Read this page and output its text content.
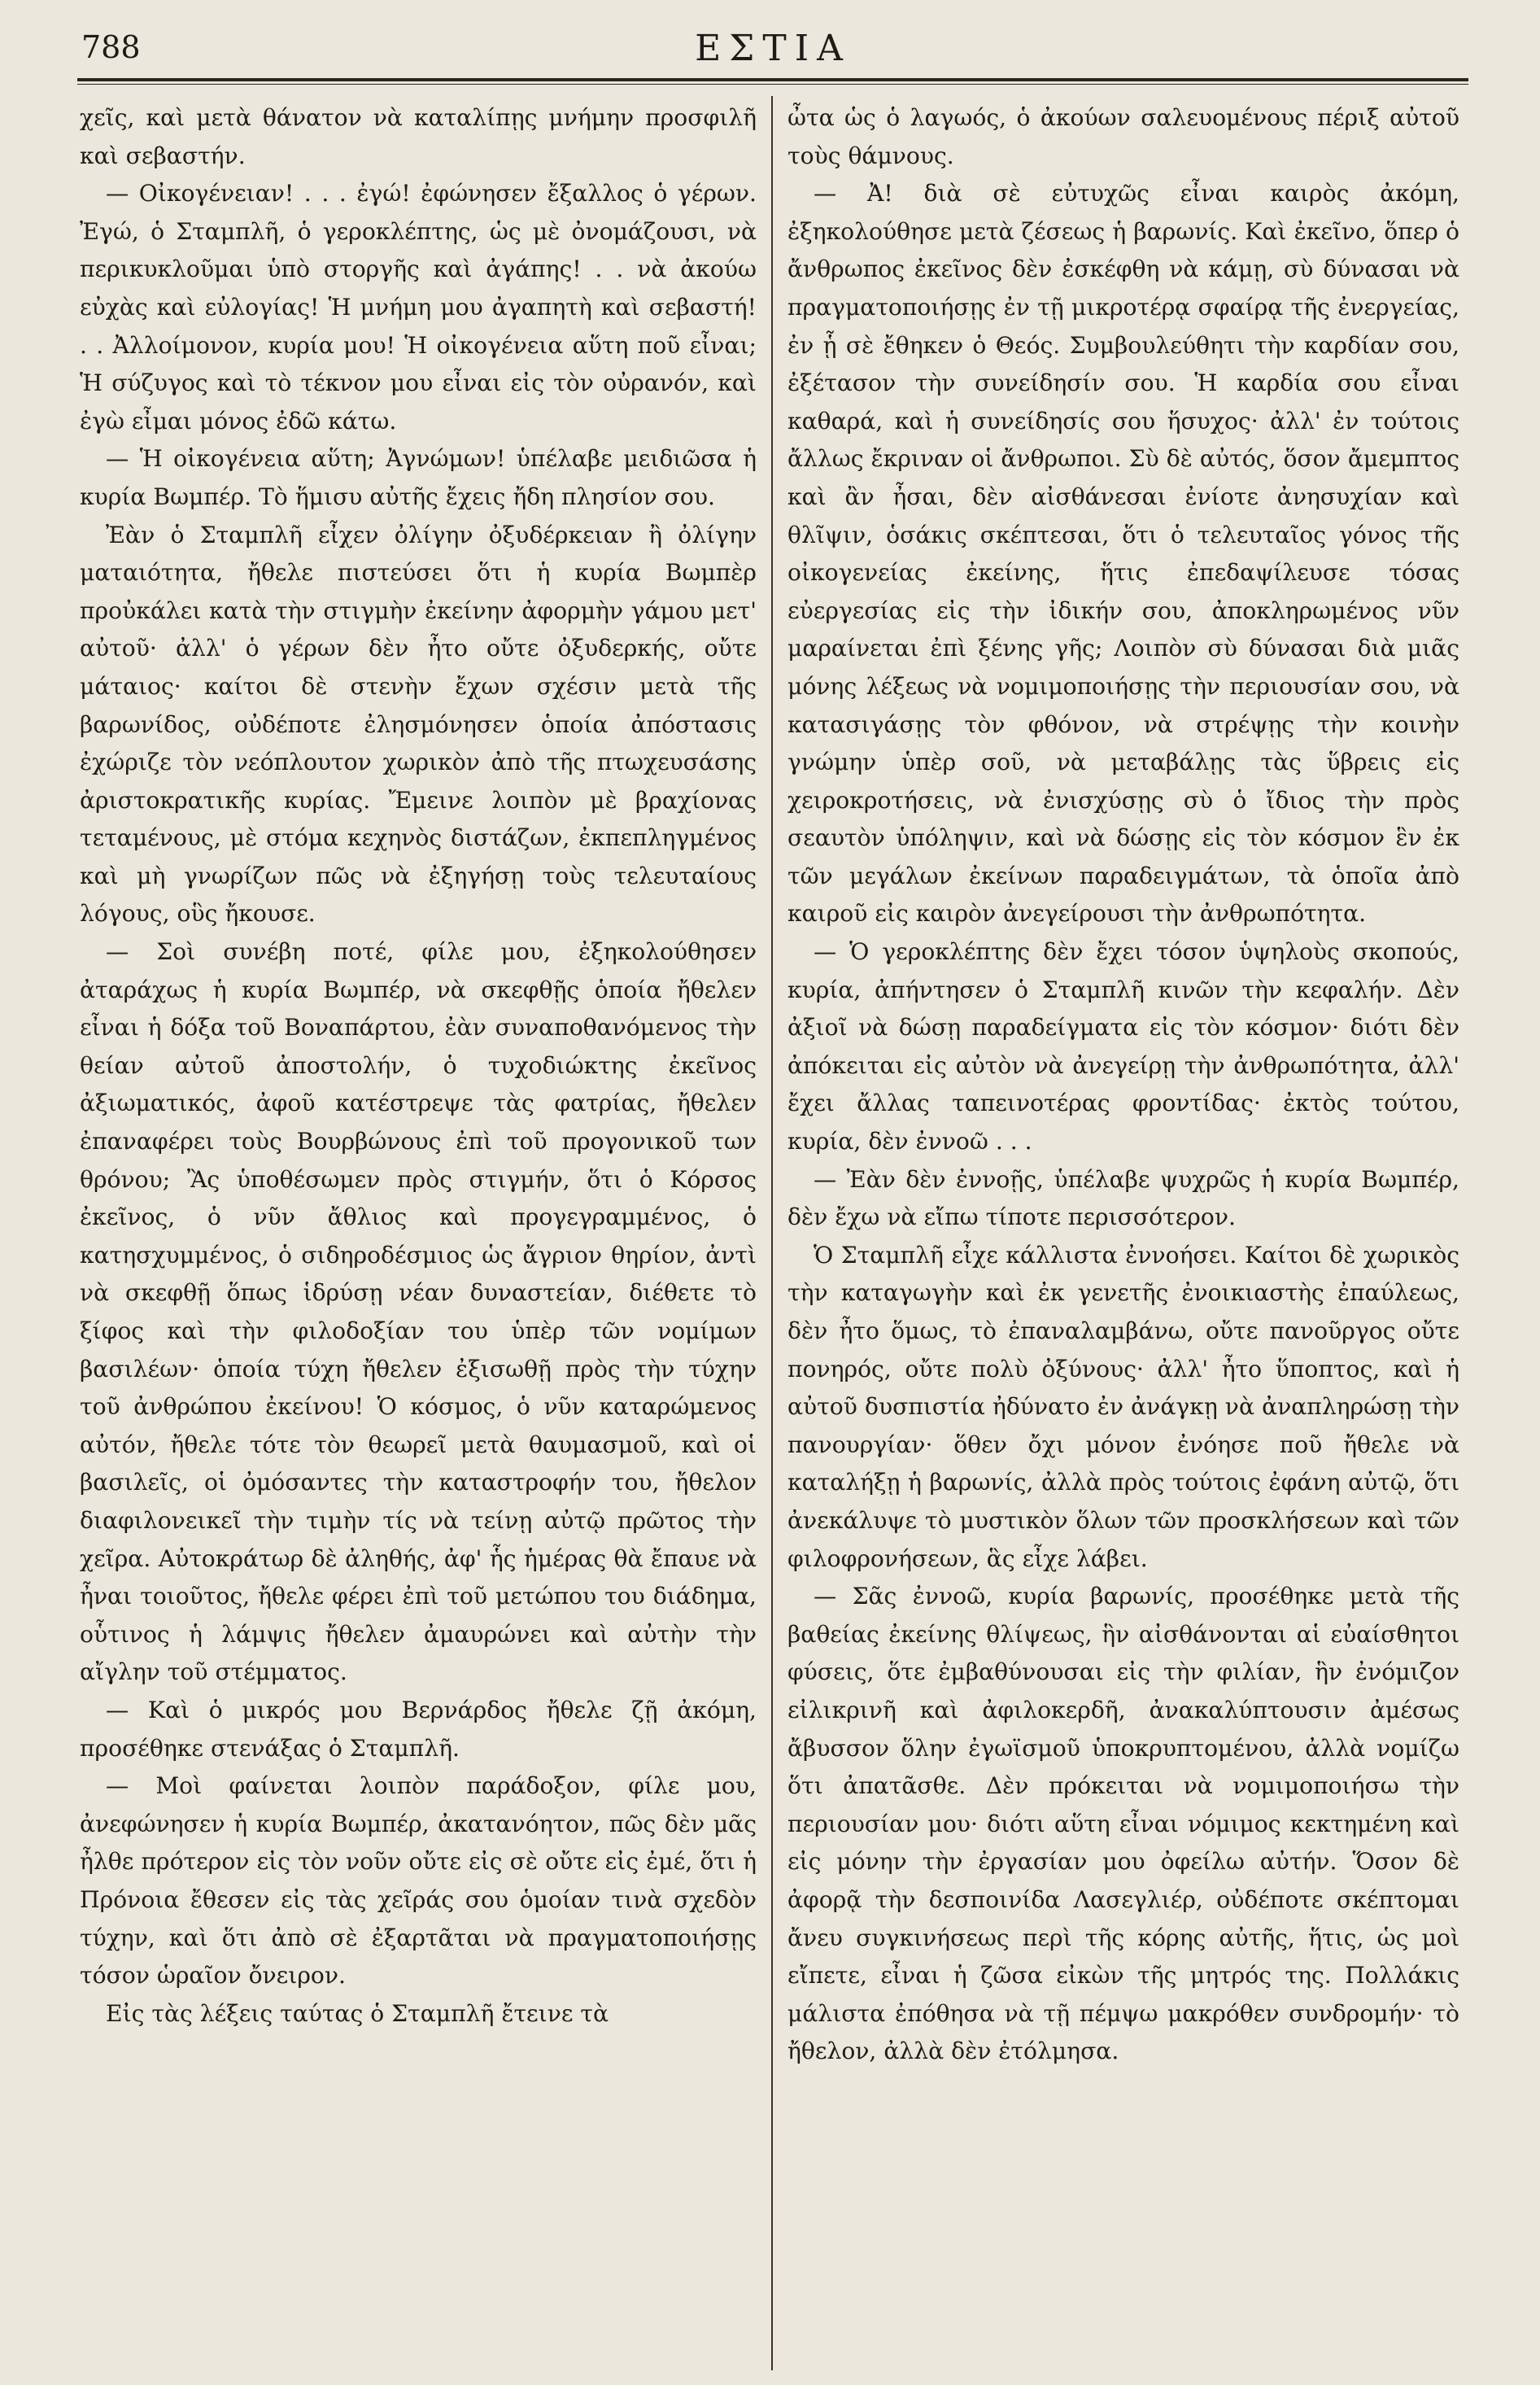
788	ΕΣΤΙΑ

χεῖς, καὶ μετὰ θάνατον νὰ καταλίπῃς μνήμην προσφιλῆ καὶ σεβαστήν.

— Οἰκογένειαν! . . . ἐγώ! ἐφώνησεν ἔξαλλος ὁ γέρων. Ἐγώ, ὁ Σταμπλῆ, ὁ γεροκλέπτης, ὡς μὲ ὀνομάζουσι, νὰ περικυκλοῦμαι ὑπὸ στοργῆς καὶ ἀγάπης! . . νὰ ἀκούω εὐχὰς καὶ εὐλογίας! Ἡ μνήμη μου ἀγαπητὴ καὶ σεβαστή! . . Ἀλλοίμονον, κυρία μου! Ἡ οἰκογένεια αὕτη ποῦ εἶναι; Ἡ σύζυγος καὶ τὸ τέκνον μου εἶναι εἰς τὸν οὐρανόν, καὶ ἐγὼ εἶμαι μόνος ἐδῶ κάτω.

— Ἡ οἰκογένεια αὕτη; Ἀγνώμων! ὑπέλαβε μειδιῶσα ἡ κυρία Βωμπέρ. Τὸ ἥμισυ αὐτῆς ἔχεις ἤδη πλησίον σου.

Ἐὰν ὁ Σταμπλῆ εἶχεν ὀλίγην ὀξυδέρκειαν ἢ ὀλίγην ματαιότητα, ἤθελε πιστεύσει ὅτι ἡ κυρία Βωμπὲρ προὐκάλει κατὰ τὴν στιγμὴν ἐκείνην ἀφορμὴν γάμου μετ' αὐτοῦ· ἀλλ' ὁ γέρων δὲν ἦτο οὔτε ὀξυδερκής, οὔτε μάταιος· καίτοι δὲ στενὴν ἔχων σχέσιν μετὰ τῆς βαρωνίδος, οὐδέποτε ἐλησμόνησεν ὁποία ἀπόστασις ἐχώριζε τὸν νεόπλουτον χωρικὸν ἀπὸ τῆς πτωχευσάσης ἀριστοκρατικῆς κυρίας. Ἔμεινε λοιπὸν μὲ βραχίονας τεταμένους, μὲ στόμα κεχηνὸς διστάζων, ἐκπεπληγμένος καὶ μὴ γνωρίζων πῶς νὰ ἐξηγήσῃ τοὺς τελευταίους λόγους, οὓς ἤκουσε.

— Σοὶ συνέβη ποτέ, φίλε μου, ἐξηκολούθησεν ἀταράχως ἡ κυρία Βωμπέρ, νὰ σκεφθῇς ὁποία ἤθελεν εἶναι ἡ δόξα τοῦ Βοναπάρτου, ἐὰν συναποθανόμενος τὴν θείαν αὐτοῦ ἀποστολήν, ὁ τυχοδιώκτης ἐκεῖνος ἀξιωματικός, ἀφοῦ κατέστρεψε τὰς φατρίας, ἤθελεν ἐπαναφέρει τοὺς Βουρβώνους ἐπὶ τοῦ προγονικοῦ των θρόνου; Ἂς ὑποθέσωμεν πρὸς στιγμήν, ὅτι ὁ Κόρσος ἐκεῖνος, ὁ νῦν ἄθλιος καὶ προγεγραμμένος, ὁ κατησχυμμένος, ὁ σιδηροδέσμιος ὡς ἄγριον θηρίον, ἀντὶ νὰ σκεφθῇ ὅπως ἱδρύσῃ νέαν δυναστείαν, διέθετε τὸ ξίφος καὶ τὴν φιλοδοξίαν του ὑπὲρ τῶν νομίμων βασιλέων· ὁποία τύχη ἤθελεν ἐξισωθῇ πρὸς τὴν τύχην τοῦ ἀνθρώπου ἐκείνου! Ὁ κόσμος, ὁ νῦν καταρώμενος αὐτόν, ἤθελε τότε τὸν θεωρεῖ μετὰ θαυμασμοῦ, καὶ οἱ βασιλεῖς, οἱ ὀμόσαντες τὴν καταστροφήν του, ἤθελον διαφιλονεικεῖ τὴν τιμὴν τίς νὰ τείνῃ αὐτῷ πρῶτος τὴν χεῖρα. Αὐτοκράτωρ δὲ ἀληθής, ἀφ' ἧς ἡμέρας θὰ ἔπαυε νὰ ἦναι τοιοῦτος, ἤθελε φέρει ἐπὶ τοῦ μετώπου του διάδημα, οὗτινος ἡ λάμψις ἤθελεν ἀμαυρώνει καὶ αὐτὴν τὴν αἴγλην τοῦ στέμματος.

— Καὶ ὁ μικρός μου Βερνάρδος ἤθελε ζῇ ἀκόμη, προσέθηκε στενάξας ὁ Σταμπλῆ.

— Μοὶ φαίνεται λοιπὸν παράδοξον, φίλε μου, ἀνεφώνησεν ἡ κυρία Βωμπέρ, ἀκατανόητον, πῶς δὲν μᾶς ἦλθε πρότερον εἰς τὸν νοῦν οὔτε εἰς σὲ οὔτε εἰς ἐμέ, ὅτι ἡ Πρόνοια ἔθεσεν εἰς τὰς χεῖράς σου ὁμοίαν τινὰ σχεδὸν τύχην, καὶ ὅτι ἀπὸ σὲ ἐξαρτᾶται νὰ πραγματοποιήσῃς τόσον ὡραῖον ὄνειρον.

Εἰς τὰς λέξεις ταύτας ὁ Σταμπλῆ ἔτεινε τὰ

ὦτα ὡς ὁ λαγωός, ὁ ἀκούων σαλευομένους πέριξ αὐτοῦ τοὺς θάμνους.

— Ἀ! διὰ σὲ εὐτυχῶς εἶναι καιρὸς ἀκόμη, ἐξηκολούθησε μετὰ ζέσεως ἡ βαρωνίς. Καὶ ἐκεῖνο, ὅπερ ὁ ἄνθρωπος ἐκεῖνος δὲν ἐσκέφθη νὰ κάμῃ, σὺ δύνασαι νὰ πραγματοποιήσῃς ἐν τῇ μικροτέρᾳ σφαίρᾳ τῆς ἐνεργείας, ἐν ᾗ σὲ ἔθηκεν ὁ Θεός. Συμβουλεύθητι τὴν καρδίαν σου, ἐξέτασον τὴν συνείδησίν σου. Ἡ καρδία σου εἶναι καθαρά, καὶ ἡ συνείδησίς σου ἥσυχος· ἀλλ' ἐν τούτοις ἄλλως ἔκριναν οἱ ἄνθρωποι. Σὺ δὲ αὐτός, ὅσον ἄμεμπτος καὶ ἂν ἦσαι, δὲν αἰσθάνεσαι ἐνίοτε ἀνησυχίαν καὶ θλῖψιν, ὁσάκις σκέπτεσαι, ὅτι ὁ τελευταῖος γόνος τῆς οἰκογενείας ἐκείνης, ἥτις ἐπεδαψίλευσε τόσας εὐεργεσίας εἰς τὴν ἰδικήν σου, ἀποκληρωμένος νῦν μαραίνεται ἐπὶ ξένης γῆς; Λοιπὸν σὺ δύνασαι διὰ μιᾶς μόνης λέξεως νὰ νομιμοποιήσῃς τὴν περιουσίαν σου, νὰ κατασιγάσῃς τὸν φθόνον, νὰ στρέψῃς τὴν κοινὴν γνώμην ὑπὲρ σοῦ, νὰ μεταβάλῃς τὰς ὕβρεις εἰς χειροκροτήσεις, νὰ ἐνισχύσῃς σὺ ὁ ἴδιος τὴν πρὸς σεαυτὸν ὑπόληψιν, καὶ νὰ δώσῃς εἰς τὸν κόσμον ἓν ἐκ τῶν μεγάλων ἐκείνων παραδειγμάτων, τὰ ὁποῖα ἀπὸ καιροῦ εἰς καιρὸν ἀνεγείρουσι τὴν ἀνθρωπότητα.

— Ὁ γεροκλέπτης δὲν ἔχει τόσον ὑψηλοὺς σκοπούς, κυρία, ἀπήντησεν ὁ Σταμπλῆ κινῶν τὴν κεφαλήν. Δὲν ἀξιοῖ νὰ δώσῃ παραδείγματα εἰς τὸν κόσμον· διότι δὲν ἀπόκειται εἰς αὐτὸν νὰ ἀνεγείρῃ τὴν ἀνθρωπότητα, ἀλλ' ἔχει ἄλλας ταπεινοτέρας φροντίδας· ἐκτὸς τούτου, κυρία, δὲν ἐννοῶ . . .

— Ἐὰν δὲν ἐννοῇς, ὑπέλαβε ψυχρῶς ἡ κυρία Βωμπέρ, δὲν ἔχω νὰ εἴπω τίποτε περισσότερον.

Ὁ Σταμπλῆ εἶχε κάλλιστα ἐννοήσει. Καίτοι δὲ χωρικὸς τὴν καταγωγὴν καὶ ἐκ γενετῆς ἐνοικιαστὴς ἐπαύλεως, δὲν ἦτο ὅμως, τὸ ἐπαναλαμβάνω, οὔτε πανοῦργος οὔτε πονηρός, οὔτε πολὺ ὀξύνους· ἀλλ' ἦτο ὕποπτος, καὶ ἡ αὐτοῦ δυσπιστία ἠδύνατο ἐν ἀνάγκῃ νὰ ἀναπληρώσῃ τὴν πανουργίαν· ὅθεν ὄχι μόνον ἐνόησε ποῦ ἤθελε νὰ καταλήξῃ ἡ βαρωνίς, ἀλλὰ πρὸς τούτοις ἐφάνη αὐτῷ, ὅτι ἀνεκάλυψε τὸ μυστικὸν ὅλων τῶν προσκλήσεων καὶ τῶν φιλοφρονήσεων, ἃς εἶχε λάβει.

— Σᾶς ἐννοῶ, κυρία βαρωνίς, προσέθηκε μετὰ τῆς βαθείας ἐκείνης θλίψεως, ἣν αἰσθάνονται αἱ εὐαίσθητοι φύσεις, ὅτε ἐμβαθύνουσαι εἰς τὴν φιλίαν, ἣν ἐνόμιζον εἰλικρινῆ καὶ ἀφιλοκερδῆ, ἀνακαλύπτουσιν ἀμέσως ἄβυσσον ὅλην ἐγωϊσμοῦ ὑποκρυπτομένου, ἀλλὰ νομίζω ὅτι ἀπατᾶσθε. Δὲν πρόκειται νὰ νομιμοποιήσω τὴν περιουσίαν μου· διότι αὕτη εἶναι νόμιμος κεκτημένη καὶ εἰς μόνην τὴν ἐργασίαν μου ὀφείλω αὐτήν. Ὅσον δὲ ἀφορᾷ τὴν δεσποινίδα Λασεγλιέρ, οὐδέποτε σκέπτομαι ἄνευ συγκινήσεως περὶ τῆς κόρης αὐτῆς, ἥτις, ὡς μοὶ εἴπετε, εἶναι ἡ ζῶσα εἰκὼν τῆς μητρός της. Πολλάκις μάλιστα ἐπόθησα νὰ τῇ πέμψω μακρόθεν συνδρομήν· τὸ ἤθελον, ἀλλὰ δὲν ἐτόλμησα.
